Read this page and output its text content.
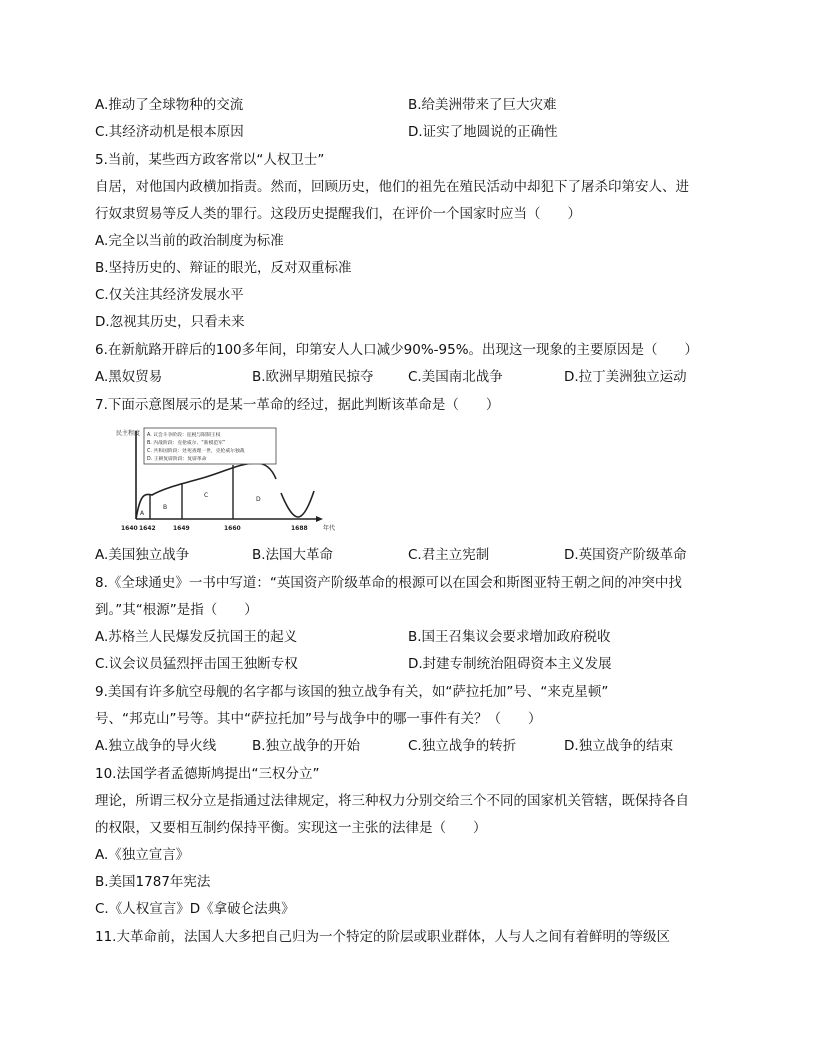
A.推动了全球物种的交流	B.给美洲带来了巨大灾难
C.其经济动机是根本原因	D.证实了地圆说的正确性
5.当前，某些西方政客常以“人权卫士”
自居，对他国内政横加指责。然而，回顾历史，他们的祖先在殖民活动中却犯下了屠杀印第安人、进
行奴隶贸易等反人类的罪行。这段历史提醒我们，在评价一个国家时应当（　　）
A.完全以当前的政治制度为标准
B.坚持历史的、辩证的眼光，反对双重标准
C.仅关注其经济发展水平
D.忽视其历史，只看未来
6.在新航路开辟后的100多年间，印第安人人口减少90%-95%。出现这一现象的主要原因是（　　）
A.黑奴贸易	B.欧洲早期殖民掠夺	C.美国南北战争	D.拉丁美洲独立运动
7.下面示意图展示的是某一革命的经过，据此判断该革命是（　　）
A. 议会斗争阶段：征税与限制王权
B. 内战阶段：克伦威尔、“新模范军”
C. 共和国阶段：处死查理一世，克伦威尔独裁
D. 王朝复辟阶段：复辟革命
民主程度
年代
A
B
C
D
1640 1642	1649	1660	1688
A.美国独立战争	B.法国大革命	C.君主立宪制	D.英国资产阶级革命
8.《全球通史》一书中写道：“英国资产阶级革命的根源可以在国会和斯图亚特王朝之间的冲突中找
到。”其“根源”是指（　　）
A.苏格兰人民爆发反抗国王的起义	B.国王召集议会要求增加政府税收
C.议会议员猛烈抨击国王独断专权	D.封建专制统治阻碍资本主义发展
9.美国有许多航空母舰的名字都与该国的独立战争有关，如“萨拉托加”号、“来克星顿”
号、“邦克山”号等。其中“萨拉托加”号与战争中的哪一事件有关？（　　）
A.独立战争的导火线	B.独立战争的开始	C.独立战争的转折	D.独立战争的结束
10.法国学者孟德斯鸠提出“三权分立”
理论，所谓三权分立是指通过法律规定，将三种权力分别交给三个不同的国家机关管辖，既保持各自
的权限，又要相互制约保持平衡。实现这一主张的法律是（　　）
A.《独立宣言》
B.美国1787年宪法
C.《人权宣言》D《拿破仑法典》
11.大革命前，法国人大多把自己归为一个特定的阶层或职业群体，人与人之间有着鲜明的等级区
